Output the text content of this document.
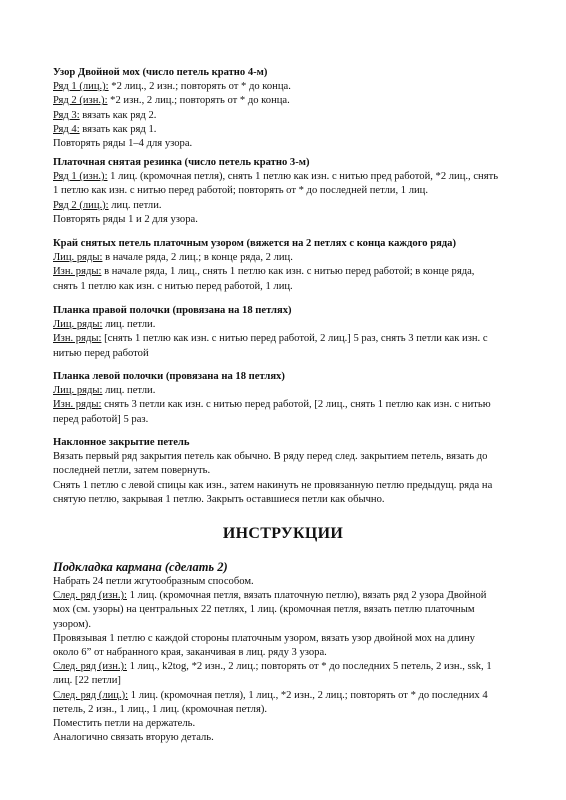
Узор Двойной мох (число петель кратно 4-м)
Ряд 1 (лиц.): *2 лиц., 2 изн.; повторять от * до конца.
Ряд 2 (изн.): *2 изн., 2 лиц.; повторять от * до конца.
Ряд 3: вязать как ряд 2.
Ряд 4: вязать как ряд 1.
Повторять ряды 1–4 для узора.
Платочная снятая резинка (число петель кратно 3-м)
Ряд 1 (изн.): 1 лиц. (кромочная петля), снять 1 петлю как изн. с нитью пред работой, *2 лиц., снять
1 петлю как изн. с нитью перед работой; повторять от * до последней петли, 1 лиц.
Ряд 2 (лиц.): лиц. петли.
Повторять ряды 1 и 2 для узора.
Край снятых петель платочным узором (вяжется на 2 петлях с конца каждого ряда)
Лиц. ряды: в начале ряда, 2 лиц.; в конце ряда, 2 лиц.
Изн. ряды: в начале ряда, 1 лиц., снять 1 петлю как изн. с нитью перед работой; в конце ряда,
снять 1 петлю как изн. с нитью перед работой, 1 лиц.
Планка правой полочки (провязана на 18 петлях)
Лиц. ряды: лиц. петли.
Изн. ряды: [снять 1 петлю как изн. с нитью перед работой, 2 лиц.] 5 раз, снять 3 петли как изн. с
нитью перед работой
Планка левой полочки (провязана на 18 петлях)
Лиц. ряды: лиц. петли.
Изн. ряды: снять 3 петли как изн. с нитью перед работой, [2 лиц., снять 1 петлю как изн. с нитью
перед работой] 5 раз.
Наклонное закрытие петель
Вязать первый ряд закрытия петель как обычно. В ряду перед след. закрытием петель, вязать до
последней петли, затем повернуть.
Снять 1 петлю с левой спицы как изн., затем накинуть не провязанную петлю предыдущ. ряда на
снятую петлю, закрывая 1 петлю. Закрыть оставшиеся петли как обычно.
ИНСТРУКЦИИ
Подкладка кармана (сделать 2)
Набрать 24 петли жгутообразным способом.
След. ряд (изн.): 1 лиц. (кромочная петля, вязать платочную петлю), вязать ряд 2 узора Двойной
мох (см. узоры) на центральных 22 петлях, 1 лиц. (кромочная петля, вязать петлю платочным
узором).
Провязывая 1 петлю с каждой стороны платочным узором, вязать узор двойной мох на длину
около 6” от набранного края, заканчивая в лиц. ряду 3 узора.
След. ряд (изн.): 1 лиц., k2tog, *2 изн., 2 лиц.; повторять от * до последних 5 петель, 2 изн., ssk, 1
лиц. [22 петли]
След. ряд (лиц.): 1 лиц. (кромочная петля), 1 лиц., *2 изн., 2 лиц.; повторять от * до последних 4
петель, 2 изн., 1 лиц., 1 лиц. (кромочная петля).
Поместить петли на держатель.
Аналогично связать вторую деталь.
